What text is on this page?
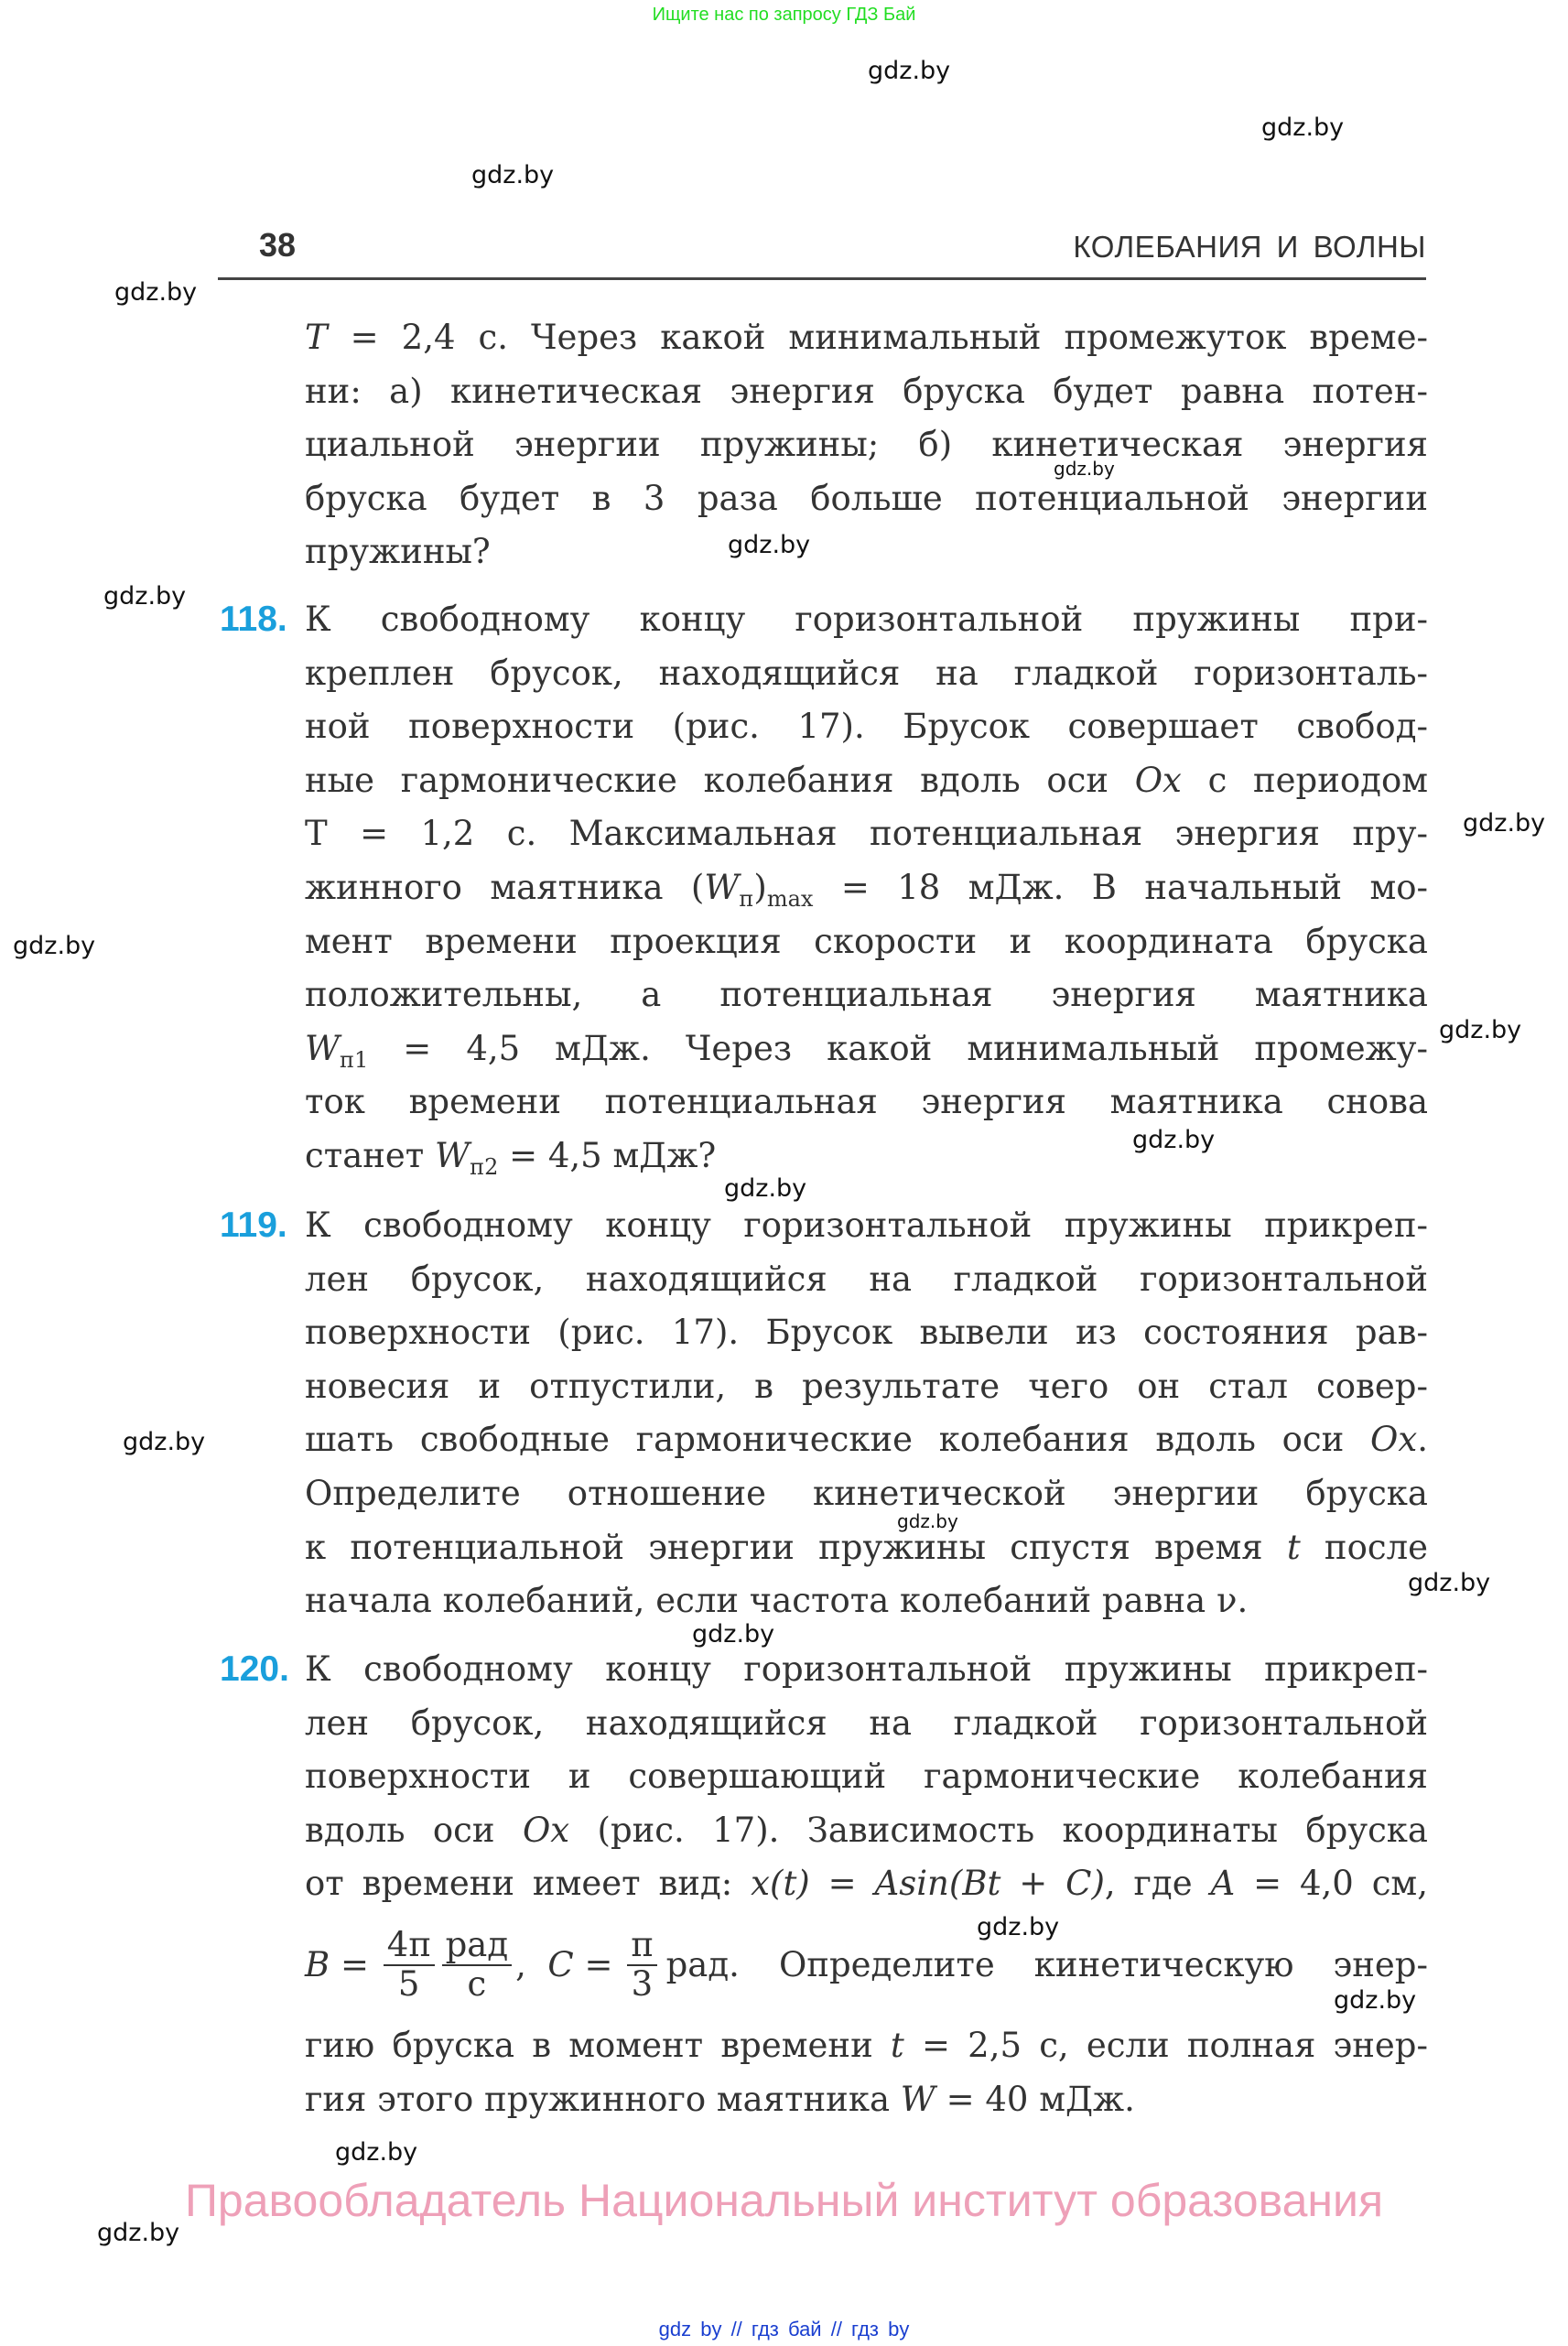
Ищите нас по запросу ГДЗ Бай
gdz.by
gdz.by
gdz.by
gdz.by
gdz.by
gdz.by
gdz.by
gdz.by
gdz.by
gdz.by
gdz.by
gdz.by
gdz.by
gdz.by
gdz.by
gdz.by
gdz.by
gdz.by
gdz.by
gdz.by
38	КОЛЕБАНИЯ И ВОЛНЫ
T = 2,4 с. Через какой минимальный промежуток време-
ни: а) кинетическая энергия бруска будет равна потен-
циальной энергии пружины; б) кинетическая энергия
бруска будет в 3 раза больше потенциальной энергии
пружины?
118. К свободному концу горизонтальной пружины при-
креплен брусок, находящийся на гладкой горизонталь-
ной поверхности (рис. 17). Брусок совершает свобод-
ные гармонические колебания вдоль оси Ox с периодом
T = 1,2 с. Максимальная потенциальная энергия пру-
жинного маятника $(W_п)_{max} = 18$ мДж. В начальный мо-
мент времени проекция скорости и координата бруска
положительны, а потенциальная энергия маятника
$W_{п1} = 4,5$ мДж. Через какой минимальный промежу-
ток времени потенциальная энергия маятника снова
станет $W_{п2} = 4,5$ мДж?
119. К свободному концу горизонтальной пружины прикреп-
лен брусок, находящийся на гладкой горизонтальной
поверхности (рис. 17). Брусок вывели из состояния рав-
новесия и отпустили, в результате чего он стал совер-
шать свободные гармонические колебания вдоль оси Ox.
Определите отношение кинетической энергии бруска
к потенциальной энергии пружины спустя время t после
начала колебаний, если частота колебаний равна ν.
120. К свободному концу горизонтальной пружины прикреп-
лен брусок, находящийся на гладкой горизонтальной
поверхности и совершающий гармонические колебания
вдоль оси Ox (рис. 17). Зависимость координаты бруска
от времени имеет вид: x(t) = Asin(Bt + C), где A = 4,0 см,
$B = \frac{4\pi}{5} \frac{\text{рад}}{с}$ , $C = \frac{\pi}{3}$ рад. Определите кинетическую энер-
гию бруска в момент времени t = 2,5 с, если полная энер-
гия этого пружинного маятника W = 40 мДж.
Правообладатель Национальный институт образования
gdz by // гдз бай // гдз by
